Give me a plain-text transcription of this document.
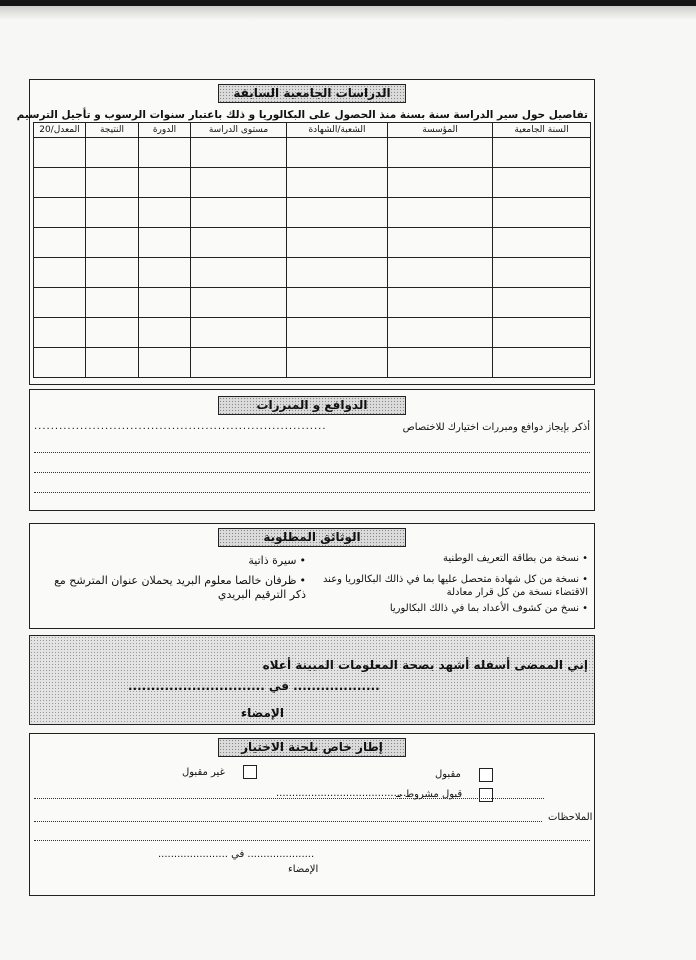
الدراسات الجامعية السابقة
تفاصيل حول سير الدراسة سنة بسنة منذ الحصول على البكالوريا و ذلك باعتبار سنوات الرسوب و تأجيل الترسيم
السنة الجامعية	المؤسسة	الشعبة/الشهادة	مستوى الدراسة	الدورة	النتيجة	المعدل/20

الدوافع و المبررات
أذكر بإيجاز دوافع ومبررات اختيارك للاختصاص
......................................................................
الوثائق المطلوبة
• نسخة من بطاقة التعريف الوطنية
• نسخة من كل شهادة متحصل عليها بما في ذالك البكالوريا وعند الاقتضاء نسخة من كل قرار معادلة
• نسخ من كشوف الأعداد بما في ذالك البكالوريا
• سيرة ذاتية
• ظرفان خالصا معلوم البريد يحملان عنوان المترشح مع ذكر الترقيم البريدي
إني الممضى أسفله أشهد بصحة المعلومات المبينة أعلاه
................... في ..............................
الإمضاء
إطار خاص بلجنة الاختيار
مقبول
غير مقبول
قبول مشروط بـ
.........................................
الملاحظات
..................... في ......................
الإمضاء
